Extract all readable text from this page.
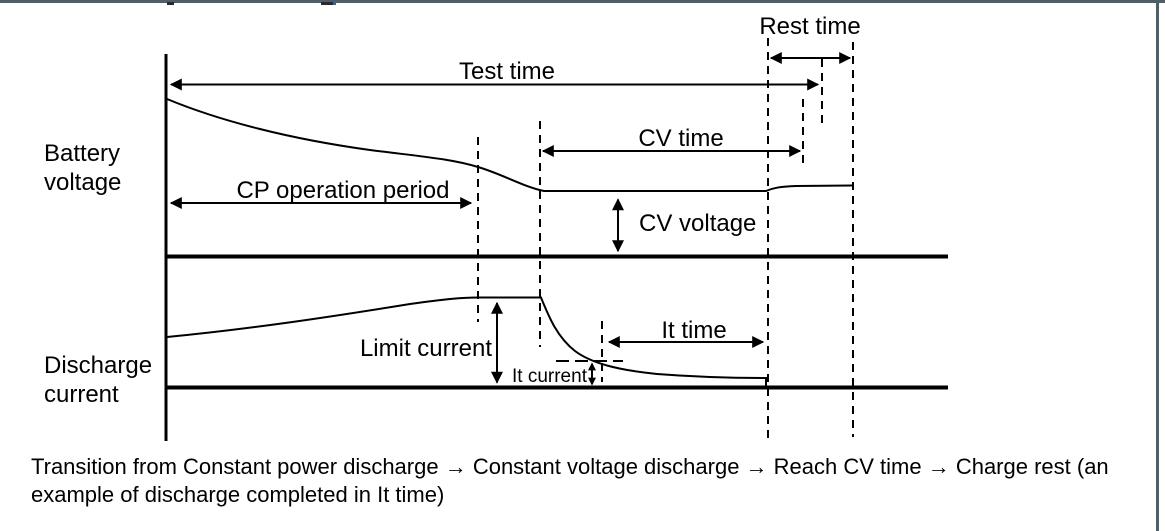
Battery
voltage
Discharge
current
Test time
Rest time
CV time
CP operation period
CV voltage
Limit current
It current
It time
Transition from Constant power discharge → Constant voltage discharge → Reach CV time → Charge rest (an
example of discharge completed in It time)
